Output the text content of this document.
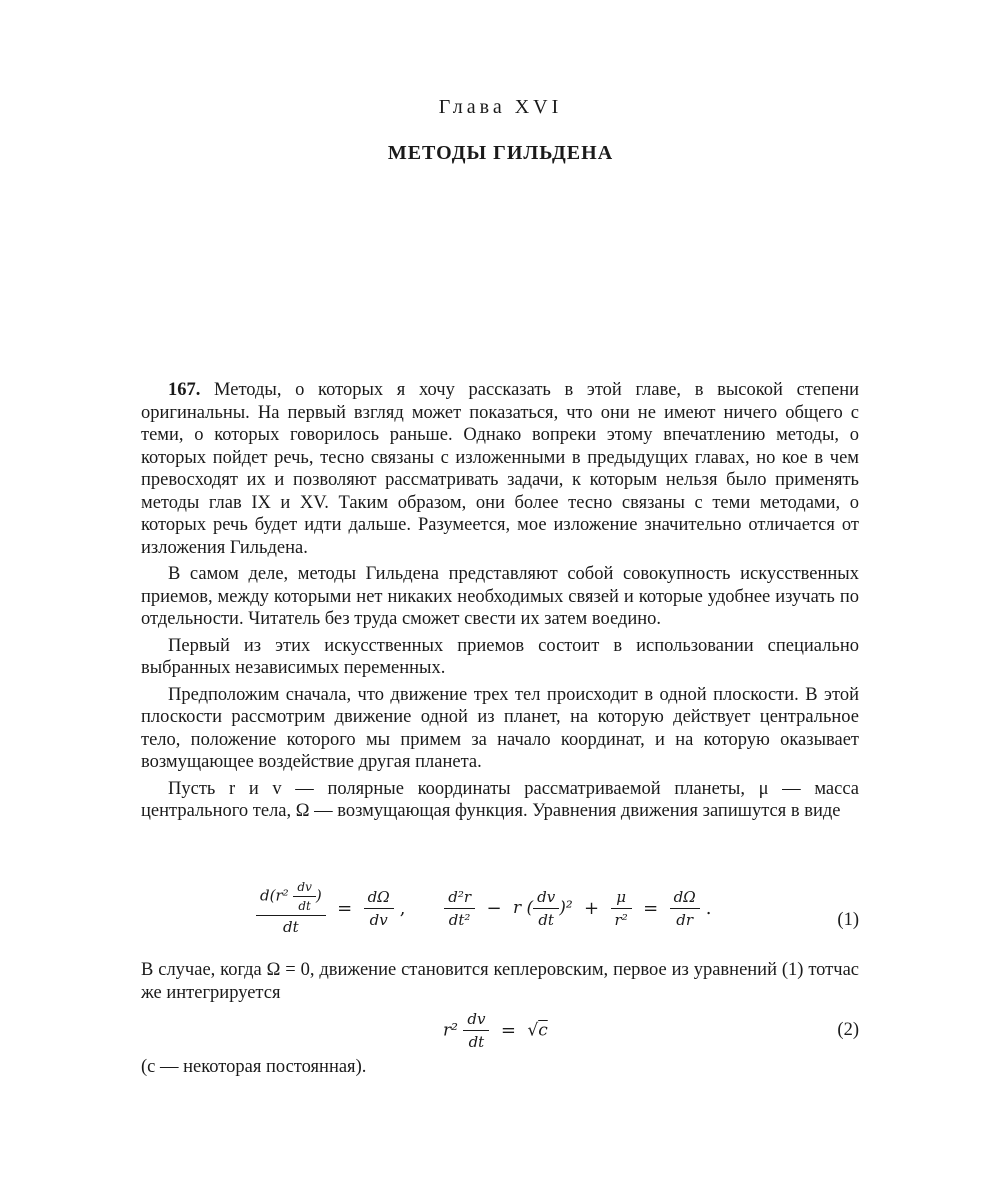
Глава XVI
МЕТОДЫ ГИЛЬДЕНА

167. Методы, о которых я хочу рассказать в этой главе, в высокой степени оригинальны. На первый взгляд может показаться, что они не имеют ничего общего с теми, о которых говорилось раньше. Однако вопреки этому впечатлению методы, о которых пойдет речь, тесно связаны с изложенными в предыдущих главах, но кое в чем превосходят их и позволяют рассматривать задачи, к которым нельзя было применять методы глав IX и XV. Таким образом, они более тесно связаны с теми методами, о которых речь будет идти дальше. Разумеется, мое изложение значительно отличается от изложения Гильдена.

В самом деле, методы Гильдена представляют собой совокупность искусственных приемов, между которыми нет никаких необходимых связей и которые удобнее изучать по отдельности. Читатель без труда сможет свести их затем воедино.

Первый из этих искусственных приемов состоит в использовании специально выбранных независимых переменных.

Предположим сначала, что движение трех тел происходит в одной плоскости. В этой плоскости рассмотрим движение одной из планет, на которую действует центральное тело, положение которого мы примем за начало координат, и на которую оказывает возмущающее воздействие другая планета.

Пусть r и v — полярные координаты рассматриваемой планеты, μ — масса центрального тела, Ω — возмущающая функция. Уравнения движения запишутся в виде

$\frac{d(r^2 \frac{dv}{dt} )}{dt} = \frac{d\Omega}{dv}$ ,	$\frac{\text{d²r}}{\text{dt²}} - r$ ( $\frac{dv}{dt} )^2 + \frac{\mu}{\text{r²}} = \frac{d\Omega}{dr}$ .
(1)

В случае, когда Ω = 0, движение становится кеплеровским, первое из уравнений (1) тотчас же интегрируется

$r^2 \frac{dv}{dt} = √c$	(2)

(c — некоторая постоянная).
